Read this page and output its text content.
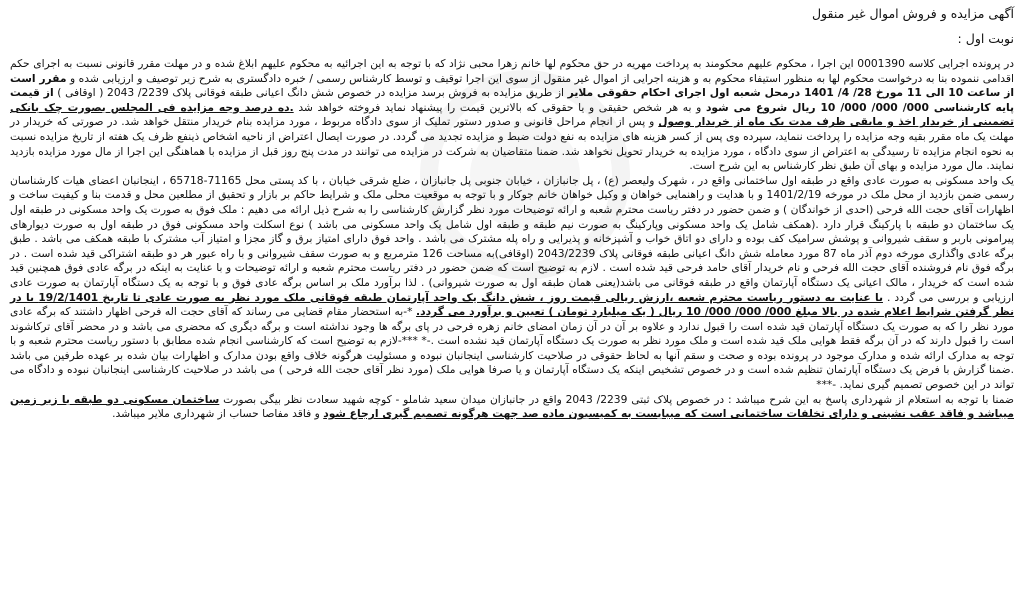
آگهی مزایده و فروش اموال غیر منقول
نوبت اول :

در پرونده اجرایی کلاسه 0001390 این اجرا ، محکوم علیهم محکومند به پرداخت مهریه در حق محکوم لها خانم زهرا محبی نژاد که با توجه به این اجرائیه به محکوم علیهم ابلاغ شده و در مهلت مقرر قانونی نسبت به اجرای حکم اقدامی ننموده بنا به درخواست محکوم لها به منظور استیفاء محکوم به و هزینه اجرایی از اموال غیر منقول از سوی این اجرا توقیف و توسط کارشناس رسمی / خبره دادگستری به شرح زیر توصیف و ارزیابی شده و مقرر است از ساعت 10 الی 11 مورخ 28/ 4/ 1401 درمحل شعبه اول اجرای احکام حقوقی ملایر از طریق مزایده به فروش برسد مزایده در خصوص شش دانگ اعیانی طبقه فوقانی پلاک 2239/ 2043 ( اوقافی ) از قیمت پایه کارشناسی 000/ 000/ 000/ 10 ریال شروع می شود و به هر شخص حقیقی و یا حقوقی که بالاترین قیمت را پیشنهاد نماید فروخته خواهد شد .ده درصد وجه مزایده فی المجلس بصورت چک بانکی تضمینی از خریدار اخذ و مابقی ظرف مدت یک ماه از خریدار وصول و پس از انجام مراحل قانونی و صدور دستور تملیک از سوی دادگاه مربوط ، مورد مزایده بنام خریدار منتقل خواهد شد. در صورتی که خریدار در مهلت یک ماه مقرر بقیه وجه مزایده را پرداخت ننماید، سپرده وی پس از کسر هزینه های مزایده به نفع دولت ضبط و مزایده تجدید می گردد. در صورت ایصال اعتراض از ناحیه اشخاص ذینفع ظرف یک هفته از تاریخ مزایده نسبت به نحوه انجام مزایده تا رسیدگی به اعتراض از سوی دادگاه ، مورد مزایده به خریدار تحویل نخواهد شد. ضمنا متقاضیان به شرکت در مزایده می توانند در مدت پنج روز قبل از مزایده با هماهنگی این اجرا از مال مورد مزایده بازدید نمایند. مال مورد مزایده و بهای آن طبق نظر کارشناس به این شرح است.

یک واحد مسکونی به صورت عادی واقع در طبقه اول ساختمانی واقع در ، شهرک ولیعصر (ع) ، پل جانبازان ، خیابان جنوبی پل جانبازان ، ضلع شرقی خیابان ، با کد پستی محل 71165-65718 ، اینجانبان اعضای هیات کارشناسان رسمی ضمن بازدید از محل ملک در مورخه 1401/2/19 و با هدایت و راهنمایی خواهان و وکیل خواهان خانم جوکار و با توجه به موقعیت محلی ملک و شرایط حاکم بر بازار و تحقیق از مطلعین محل و قدمت بنا و کیفیت ساخت و اظهارات آقای حجت الله فرحی (احدی از خواندگان ) و ضمن حضور در دفتر ریاست محترم شعبه و ارائه توضیحات مورد نظر گزارش کارشناسی را به شرح ذیل ارائه می دهیم : ملک فوق به صورت یک واحد مسکونی در طبقه اول یک ساختمان دو طبقه با پارکینگ قرار دارد .(همکف شامل یک واحد مسکونی وپارکینگ به صورت نیم طبقه و طبقه اول شامل یک واحد مسکونی می باشد ) نوع اسکلت واحد مسکونی فوق در طبقه اول به صورت دیوارهای پیرامونی باربر و سقف شیروانی و پوشش سرامیک کف بوده و دارای دو اتاق خواب و آشپزخانه و پذیرایی و راه پله مشترک می باشد . واحد فوق دارای امتیاز برق و گاز مجزا و امتیاز آب مشترک با طبقه همکف می باشد . طبق برگه عادی واگذاری مورخه دوم آذر ماه 87 مورد معامله شش دانگ اعیانی طبقه فوقانی پلاک 2043/2239 (اوقافی)به مساحت 126 مترمربع و به صورت سقف شیروانی و با راه عبور هر دو طبقه اشتراکی قید شده است . در برگه فوق نام فروشنده آقای حجت الله فرحی و نام خریدار آقای حامد فرحی قید شده است . لازم به توضیح است که ضمن حضور در دفتر ریاست محترم شعبه و ارائه توضیحات و با عنایت به اینکه در برگه عادی فوق همچنین قید شده است که خریدار ، مالک اعیانی یک دستگاه آپارتمان واقع در طبقه فوقانی می باشد(یعنی همان طبقه اول به صورت شیروانی) . لذا برآورد ملک بر اساس برگه عادی فوق و با توجه به یک دستگاه آپارتمان به صورت عادی ارزیابی و بررسی می گردد . با عنایت به دستور ریاست محترم شعبه ،ارزش ریالی قیمت روز ، شش دانگ یک واحد آپارتمان طبقه فوقانی ملک مورد نظر به صورت عادی تا تاریخ 19/2/1401 با در نظر گرفتن شرایط اعلام شده در بالا مبلغ 000/ 000/ 000/ 10 ریال ( یک میلیارد تومان ) تعیین و برآورد می گردد. *-به استحضار مقام قضایی می رساند که آقای حجت اله فرحی اظهار داشتند که برگه عادی مورد نظر را که به صورت یک دستگاه آپارتمان قید شده است را قبول ندارد و علاوه بر آن در آن زمان امضای خانم زهره فرحی در پای برگه ها وجود نداشته است و برگه دیگری که محضری می باشد و در محضر آقای ترکاشوند است را قبول دارند که در آن برگه فقط هوایی ملک قید شده است و ملک مورد نظر به صورت یک دستگاه آپارتمان قید نشده است .-* ***-لازم به توضیح است که کارشناسی انجام شده مطابق با دستور ریاست محترم شعبه و با توجه به مدارک ارائه شده و مدارک موجود در پرونده بوده و صحت و سقم آنها به لحاظ حقوقی در صلاحیت کارشناسی اینجانبان نبوده و مسئولیت هرگونه خلاف واقع بودن مدارک و اظهارات بیان شده بر عهده طرفین می باشد .ضمنا گزارش با فرض یک دستگاه آپارتمان تنظیم شده است و در خصوص تشخیص اینکه یک دستگاه آپارتمان و یا صرفا هوایی ملک (مورد نظر آقای حجت الله فرحی ) می باشد در صلاحیت کارشناسی اینجانبان نبوده و دادگاه می تواند در این خصوص تصمیم گیری نماید. -***

ضمنا با توجه به استعلام از شهرداری پاسخ به این شرح میباشد : در خصوص پلاک ثبتی 2239/ 2043 واقع در جانبازان میدان سعید شاملو - کوچه شهید سعادت نظر بیگی بصورت ساختمان مسکونی دو طبقه با زیر زمین میباشد و فاقد عقب نشینی و دارای تخلفات ساختمانی است که میبایست به کمیسیون ماده صد جهت هرگونه تصمیم گیری ارجاع شود و فاقد مفاصا حساب از شهرداری ملایر میباشد.
